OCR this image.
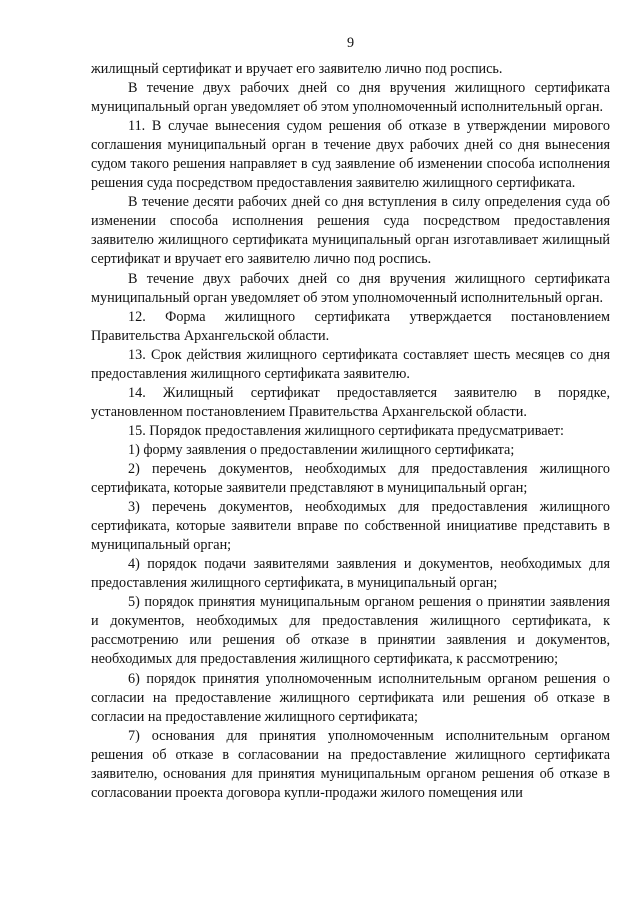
9

жилищный сертификат и вручает его заявителю лично под роспись.

В течение двух рабочих дней со дня вручения жилищного сертификата муниципальный орган уведомляет об этом уполномоченный исполнительный орган.

11. В случае вынесения судом решения об отказе в утверждении мирового соглашения муниципальный орган в течение двух рабочих дней со дня вынесения судом такого решения направляет в суд заявление об изменении способа исполнения решения суда посредством предоставления заявителю жилищного сертификата.

В течение десяти рабочих дней со дня вступления в силу определения суда об изменении способа исполнения решения суда посредством предоставления заявителю жилищного сертификата муниципальный орган изготавливает жилищный сертификат и вручает его заявителю лично под роспись.

В течение двух рабочих дней со дня вручения жилищного сертификата муниципальный орган уведомляет об этом уполномоченный исполнительный орган.

12. Форма жилищного сертификата утверждается постановлением Правительства Архангельской области.

13. Срок действия жилищного сертификата составляет шесть месяцев со дня предоставления жилищного сертификата заявителю.

14. Жилищный сертификат предоставляется заявителю в порядке, установленном постановлением Правительства Архангельской области.

15. Порядок предоставления жилищного сертификата предусматривает:

1) форму заявления о предоставлении жилищного сертификата;

2) перечень документов, необходимых для предоставления жилищного сертификата, которые заявители представляют в муниципальный орган;

3) перечень документов, необходимых для предоставления жилищного сертификата, которые заявители вправе по собственной инициативе представить в муниципальный орган;

4) порядок подачи заявителями заявления и документов, необходимых для предоставления жилищного сертификата, в муниципальный орган;

5) порядок принятия муниципальным органом решения о принятии заявления и документов, необходимых для предоставления жилищного сертификата, к рассмотрению или решения об отказе в принятии заявления и документов, необходимых для предоставления жилищного сертификата, к рассмотрению;

6) порядок принятия уполномоченным исполнительным органом решения о согласии на предоставление жилищного сертификата или решения об отказе в согласии на предоставление жилищного сертификата;

7) основания для принятия уполномоченным исполнительным органом решения об отказе в согласовании на предоставление жилищного сертификата заявителю, основания для принятия муниципальным органом решения об отказе в согласовании проекта договора купли-продажи жилого помещения или
